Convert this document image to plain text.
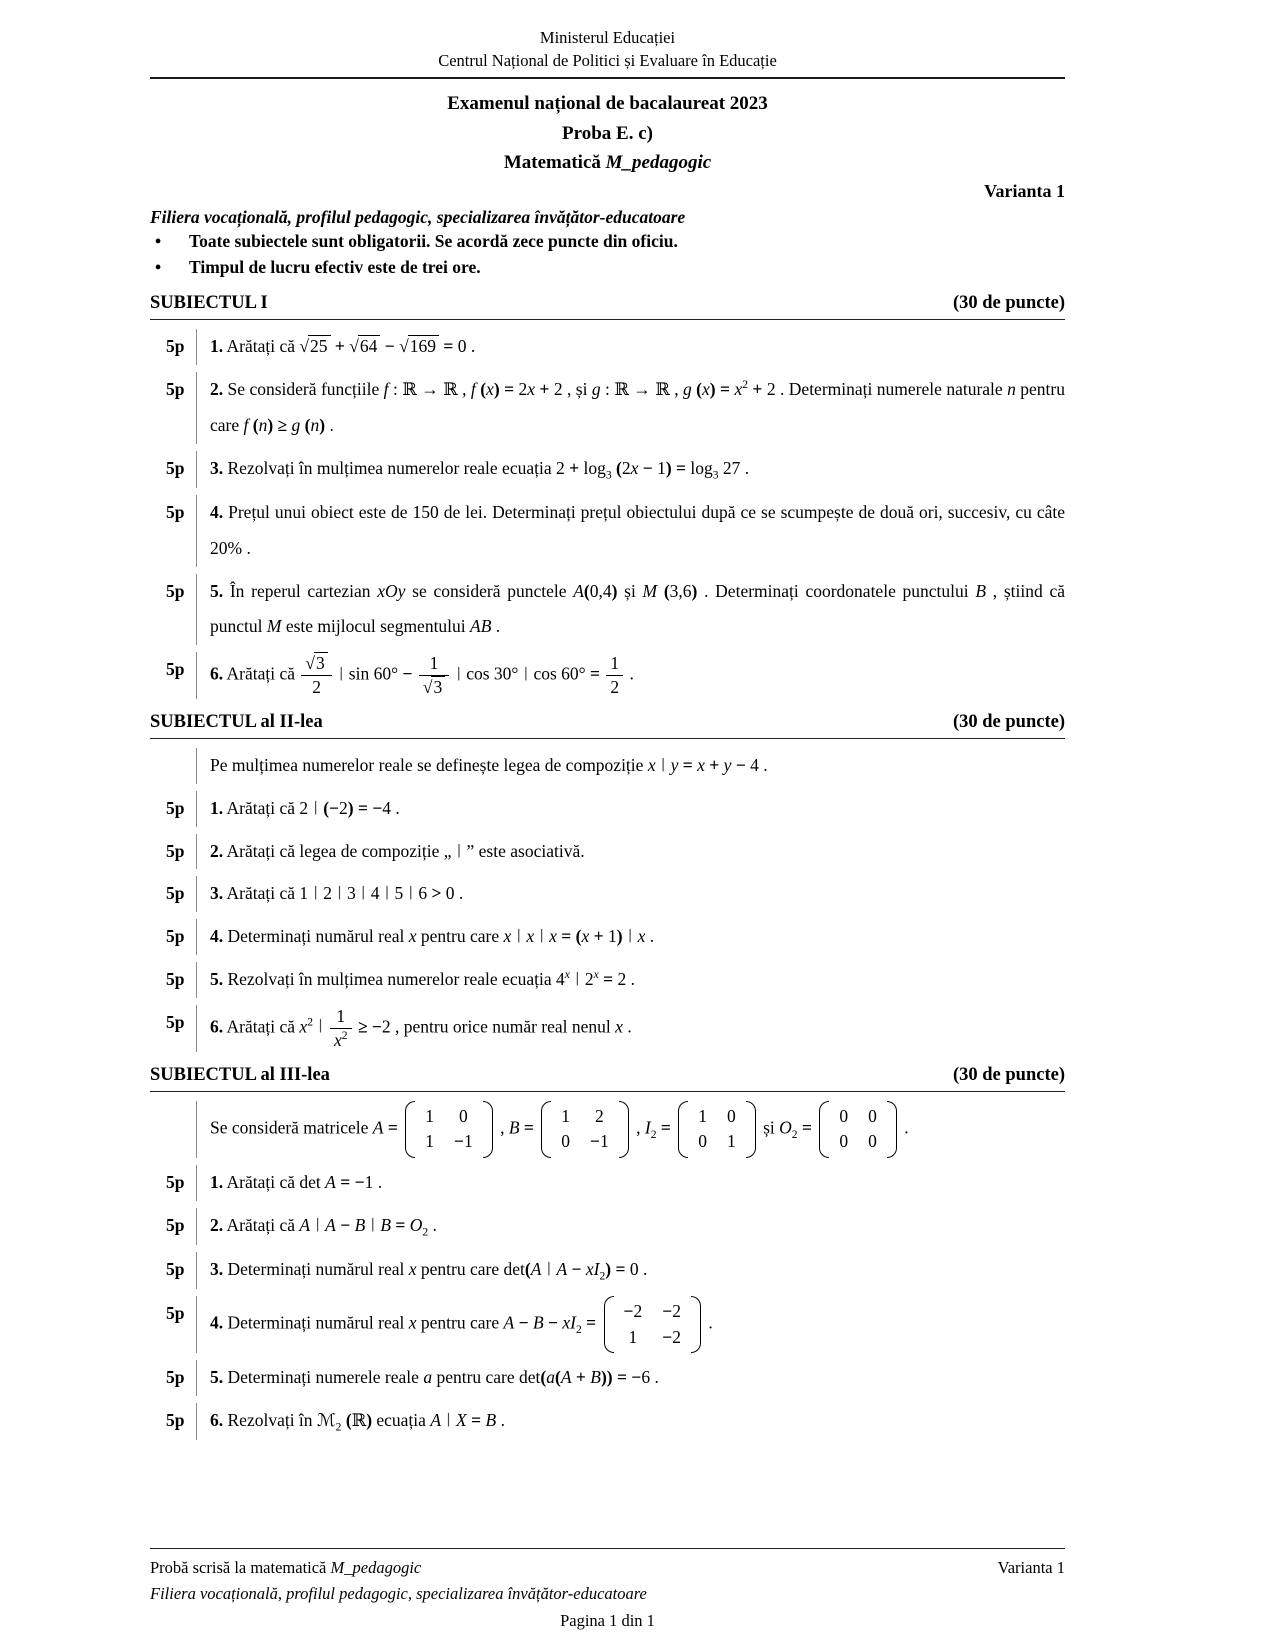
Ministerul Educației
Centrul Național de Politici și Evaluare în Educație
Examenul național de bacalaureat 2023
Proba E. c)
Matematică M_pedagogic
Varianta 1
Filiera vocațională, profilul pedagogic, specializarea învățător-educatoare
•	Toate subiectele sunt obligatorii. Se acordă zece puncte din oficiu.
•	Timpul de lucru efectiv este de trei ore.
SUBIECTUL I	(30 de puncte)
5p	1. Arătați că √25 + √64 − √169 = 0 .
5p	2. Se consideră funcțiile f : ℝ → ℝ , f (x) = 2x + 2 , și g : ℝ → ℝ , g $(x) = x^2 + 2$ . Determinați numerele naturale n pentru care f (n) ≥ g (n) .
5p	3. Rezolvați în mulțimea numerelor reale ecuația $2 + \log_3 (2x - 1) = \log_3 27$ .
5p	4. Prețul unui obiect este de 150 de lei. Determinați prețul obiectului după ce se scumpește de două ori, succesiv, cu câte 20% .
5p	5. În reperul cartezian xOy se consideră punctele A(0,4) și M (3,6) . Determinați coordonatele punctului B , știind că punctul M este mijlocul segmentului AB .
5p	6. Arătați că $\frac{√3}{2}$ ∣ $\sin 60^\circ - \frac{1}{√3}$ ∣ cos 30° ∣ $\cos 60^\circ = \frac{1}{2}$ .
SUBIECTUL al II-lea	(30 de puncte)
Pe mulțimea numerelor reale se definește legea de compoziție x ∣ y = x + y − 4 .
5p	1. Arătați că 2 ∣ (−2) = −4 .
5p	2. Arătați că legea de compoziție „ ∣ ” este asociativă.
5p	3. Arătați că 1 ∣ 2 ∣ 3 ∣ 4 ∣ 5 ∣ 6 > 0 .
5p	4. Determinați numărul real x pentru care x ∣ x ∣ x = (x + 1) ∣ x .
5p	5. Rezolvați în mulțimea numerelor reale ecuația 4$^x$ ∣ $2^x = 2$ .
5p	6. Arătați că $x^2$ ∣ $\frac{1}{x^2} \ge -2$ , pentru orice număr real nenul x .
SUBIECTUL al III-lea	(30 de puncte)
Se consideră matricele A =
1 0
1 −1
, B =
1 2
0 −1
, $I_2$ =
1 0
0 1
și $O_2$ =
0 0
0 0
.
5p	1. Arătați că det A = −1 .
5p	2. Arătați că A ∣ A − B ∣ $B = O_2$ .
5p	3. Determinați numărul real x pentru care det(A ∣ $A - xI_2) = 0$ .
5p	4. Determinați numărul real x pentru care $A - B - xI_2$ =
−2 −2
1 −2
.
5p	5. Determinați numerele reale a pentru care det(a(A + B)) = −6 .
5p	6. Rezolvați în ℳ$_2$ (ℝ) ecuația A ∣ X = B .
Probă scrisă la matematică M_pedagogic	Varianta 1
Filiera vocațională, profilul pedagogic, specializarea învățător-educatoare
Pagina 1 din 1
